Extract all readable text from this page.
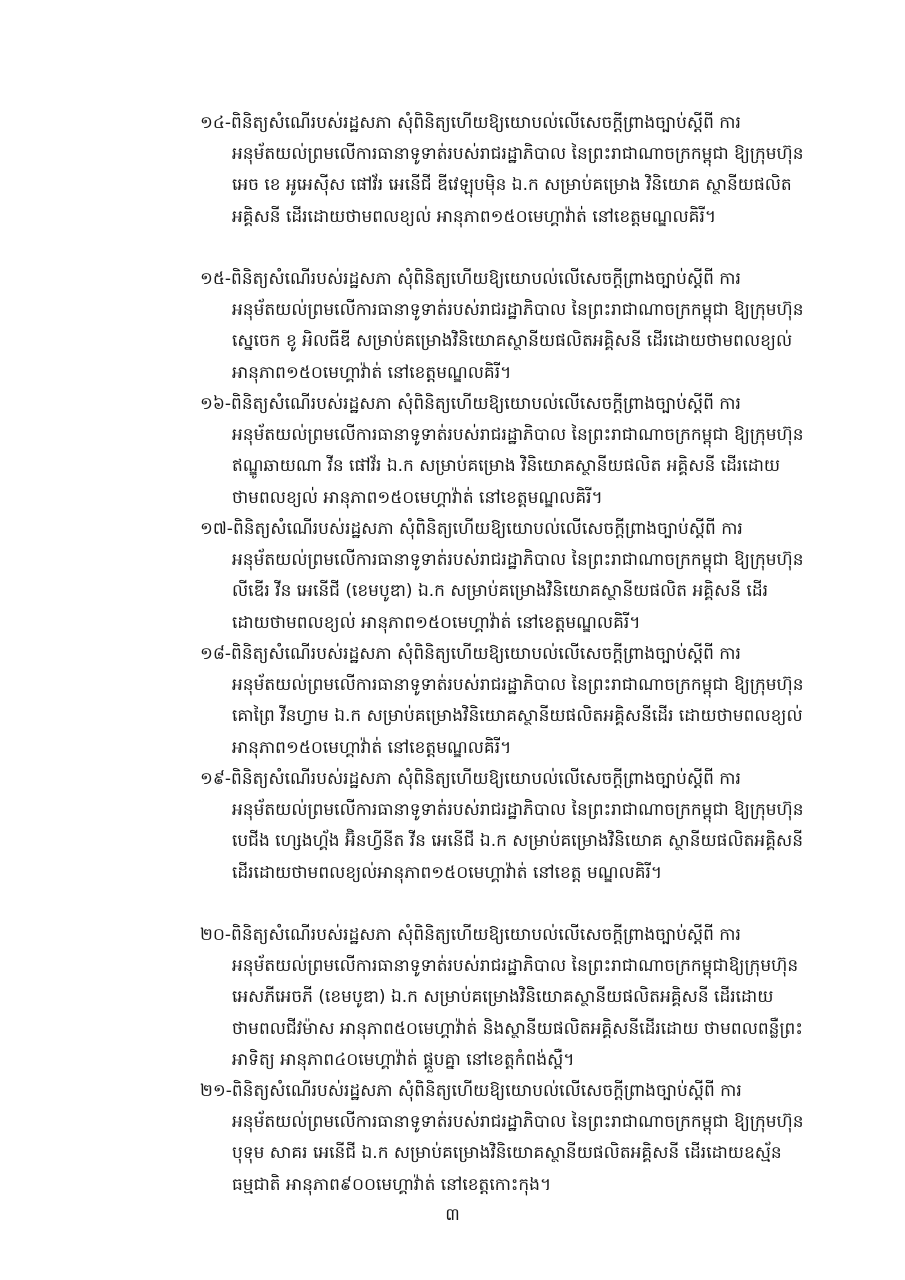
១៤-ពិនិត្យសំណើរបស់រដ្ឋសភា សុំពិនិត្យហើយឱ្យយោបល់លើសេចក្តីព្រាងច្បាប់ស្តីពី ការ
អនុម័តយល់ព្រមលើការធានាទូទាត់របស់រាជរដ្ឋាភិបាល នៃព្រះរាជាណាចក្រកម្ពុជា ឱ្យក្រុមហ៊ុន អេច ខេ អូអេស៊ីស ផៅវ័រ អេនើជី ឌីវេឡុបម៉ិន ឯ.ក សម្រាប់គម្រោង វិនិយោគ ស្ថានីយផលិតអគ្គិសនី ដើរដោយថាមពលខ្យល់ អានុភាព១៥០មេហ្គាវ៉ាត់ នៅខេត្តមណ្ឌលគិរី។
១៥-ពិនិត្យសំណើរបស់រដ្ឋសភា សុំពិនិត្យហើយឱ្យយោបល់លើសេចក្តីព្រាងច្បាប់ស្តីពី ការ
អនុម័តយល់ព្រមលើការធានាទូទាត់របស់រាជរដ្ឋាភិបាល នៃព្រះរាជាណាចក្រកម្ពុជា ឱ្យក្រុមហ៊ុន ស្នេចេក ខូ អិលធីឌី សម្រាប់គម្រោងវិនិយោគស្ថានីយផលិតអគ្គិសនី ដើរដោយថាមពលខ្យល់ អានុភាព១៥០មេហ្គាវ៉ាត់ នៅខេត្តមណ្ឌលគិរី។
១៦-ពិនិត្យសំណើរបស់រដ្ឋសភា សុំពិនិត្យហើយឱ្យយោបល់លើសេចក្តីព្រាងច្បាប់ស្តីពី ការ
អនុម័តយល់ព្រមលើការធានាទូទាត់របស់រាជរដ្ឋាភិបាល នៃព្រះរាជាណាចក្រកម្ពុជា ឱ្យក្រុមហ៊ុន ឥណ្ឌូឆាយណា វីន ផៅវ័រ ឯ.ក សម្រាប់គម្រោង វិនិយោគស្ថានីយផលិត អគ្គិសនី ដើរដោយថាមពលខ្យល់ អានុភាព១៥០មេហ្គាវ៉ាត់ នៅខេត្តមណ្ឌលគិរី។
១៧-ពិនិត្យសំណើរបស់រដ្ឋសភា សុំពិនិត្យហើយឱ្យយោបល់លើសេចក្តីព្រាងច្បាប់ស្តីពី ការ
អនុម័តយល់ព្រមលើការធានាទូទាត់របស់រាជរដ្ឋាភិបាល នៃព្រះរាជាណាចក្រកម្ពុជា ឱ្យក្រុមហ៊ុន លីឌើរ វីន អេនើជី (ខេមបូឌា) ឯ.ក សម្រាប់គម្រោងវិនិយោគស្ថានីយផលិត អគ្គិសនី ដើរដោយថាមពលខ្យល់ អានុភាព១៥០មេហ្គាវ៉ាត់ នៅខេត្តមណ្ឌលគិរី។
១៨-ពិនិត្យសំណើរបស់រដ្ឋសភា សុំពិនិត្យហើយឱ្យយោបល់លើសេចក្តីព្រាងច្បាប់ស្តីពី ការ
អនុម័តយល់ព្រមលើការធានាទូទាត់របស់រាជរដ្ឋាភិបាល នៃព្រះរាជាណាចក្រកម្ពុជា ឱ្យក្រុមហ៊ុន គោព្រៃ វីនហ្វាម ឯ.ក សម្រាប់គម្រោងវិនិយោគស្ថានីយផលិតអគ្គិសនីដើរ ដោយថាមពលខ្យល់ អានុភាព១៥០មេហ្គាវ៉ាត់ នៅខេត្តមណ្ឌលគិរី។
១៩-ពិនិត្យសំណើរបស់រដ្ឋសភា សុំពិនិត្យហើយឱ្យយោបល់លើសេចក្តីព្រាងច្បាប់ស្តីពី ការ
អនុម័តយល់ព្រមលើការធានាទូទាត់របស់រាជរដ្ឋាភិបាល នៃព្រះរាជាណាចក្រកម្ពុជា ឱ្យក្រុមហ៊ុន បេជីង ហ្សេងហ្គ័ង អ៊ិនហ្វីនីត វីន អេនើជី ឯ.ក សម្រាប់គម្រោងវិនិយោគ ស្ថានីយផលិតអគ្គិសនីដើរដោយថាមពលខ្យល់អានុភាព១៥០មេហ្គាវ៉ាត់ នៅខេត្ត មណ្ឌលគិរី។
២០-ពិនិត្យសំណើរបស់រដ្ឋសភា សុំពិនិត្យហើយឱ្យយោបល់លើសេចក្តីព្រាងច្បាប់ស្តីពី ការ
អនុម័តយល់ព្រមលើការធានាទូទាត់របស់រាជរដ្ឋាភិបាល នៃព្រះរាជាណាចក្រកម្ពុជាឱ្យក្រុមហ៊ុន អេសភីអេចភី (ខេមបូឌា) ឯ.ក សម្រាប់គម្រោងវិនិយោគស្ថានីយផលិតអគ្គិសនី ដើរដោយថាមពលជីវម៉ាស អានុភាព៥០មេហ្គាវ៉ាត់ និងស្ថានីយផលិតអគ្គិសនីដើរដោយ ថាមពលពន្លឺព្រះអាទិត្យ អានុភាព៤០មេហ្គាវ៉ាត់ ផ្គួបគ្នា នៅខេត្តកំពង់ស្ពឺ។
២១-ពិនិត្យសំណើរបស់រដ្ឋសភា សុំពិនិត្យហើយឱ្យយោបល់លើសេចក្តីព្រាងច្បាប់ស្តីពី ការ
អនុម័តយល់ព្រមលើការធានាទូទាត់របស់រាជរដ្ឋាភិបាល នៃព្រះរាជាណាចក្រកម្ពុជា ឱ្យក្រុមហ៊ុន បុទុម សាគរ អេនើជី ឯ.ក សម្រាប់គម្រោងវិនិយោគស្ថានីយផលិតអគ្គិសនី ដើរដោយឧស្ម័នធម្មជាតិ អានុភាព៩០០មេហ្គាវ៉ាត់ នៅខេត្តកោះកុង។
៣
